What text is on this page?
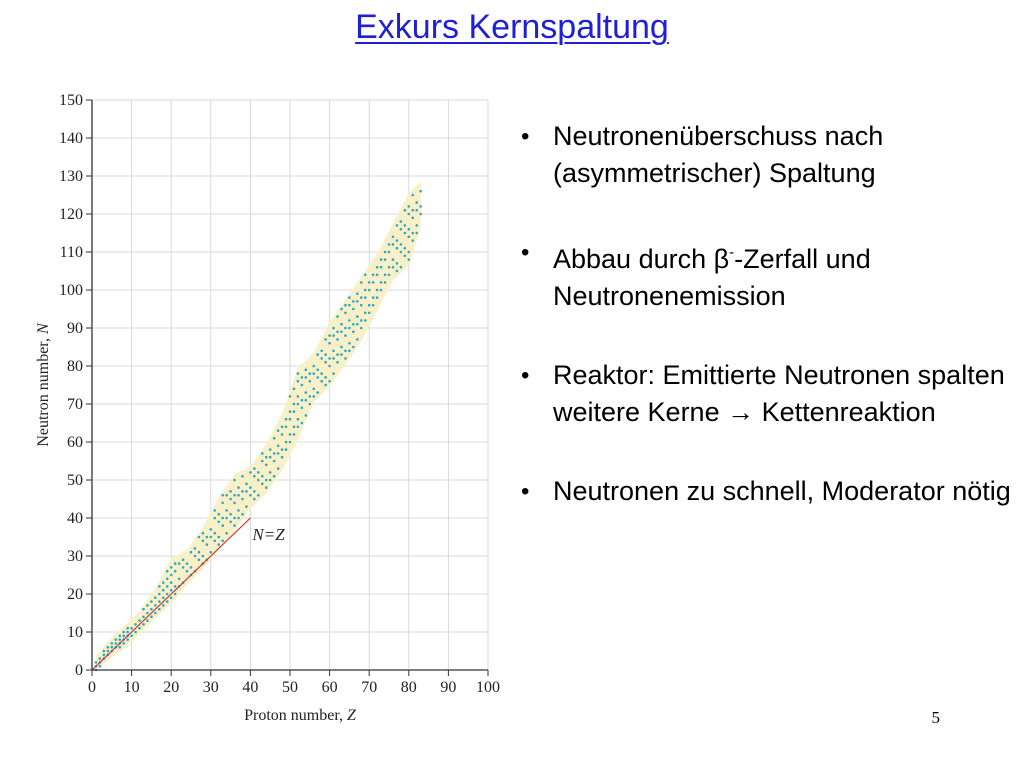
Exkurs Kernspaltung
N=Z
0 10 20 30 40 50 60 70 80 90 100
0
10
20
30
40
50
60
70
80
90
100
110
120
130
140
150
Proton number, Z
Neutron number, N
• Neutronenüberschuss nach (asymmetrischer) Spaltung
• Abbau durch β--Zerfall und Neutronenemission
• Reaktor: Emittierte Neutronen spalten weitere Kerne → Kettenreaktion
• Neutronen zu schnell, Moderator nötig
5
